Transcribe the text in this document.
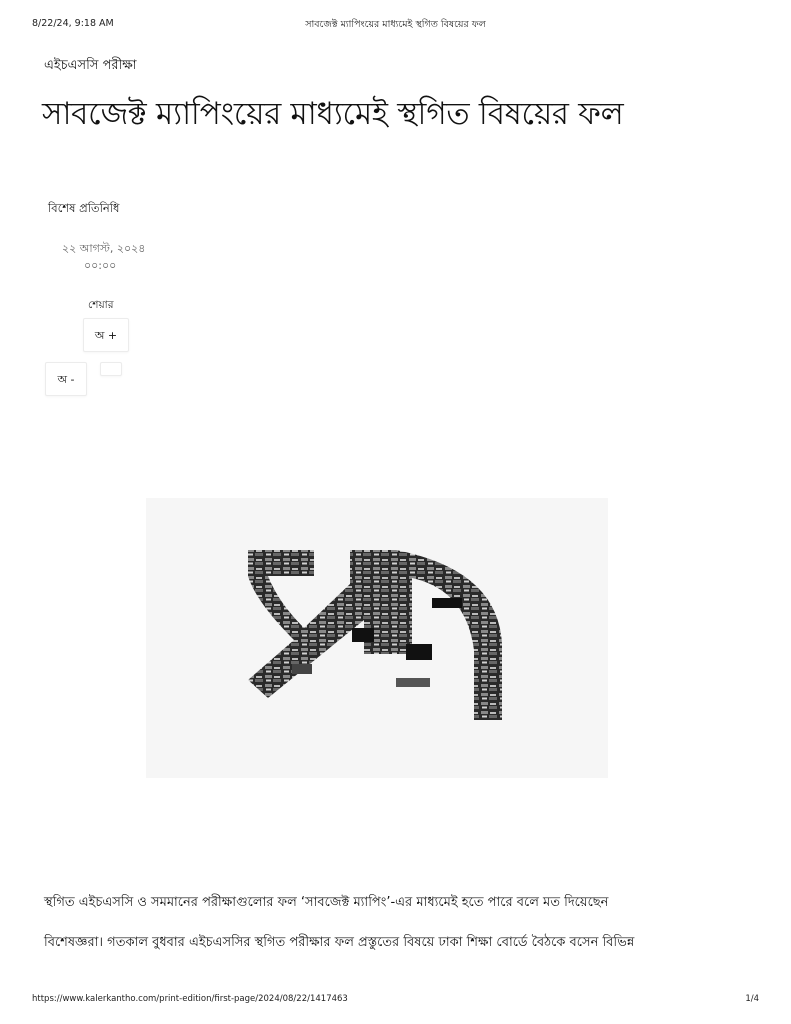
8/22/24, 9:18 AM	সাবজেক্ট ম্যাপিংয়ের মাধ্যমেই স্থগিত বিষয়ের ফল
এইচএসসি পরীক্ষা
সাবজেক্ট ম্যাপিংয়ের মাধ্যমেই স্থগিত বিষয়ের ফল
বিশেষ প্রতিনিধি
২২ আগস্ট, ২০২৪
০০:০০
শেয়ার
অ +
অ -

স্থগিত এইচএসসি ও সমমানের পরীক্ষাগুলোর ফল ‘সাবজেক্ট ম্যাপিং’-এর মাধ্যমেই হতে পারে বলে মত দিয়েছেন

বিশেষজ্ঞরা। গতকাল বুধবার এইচএসসির স্থগিত পরীক্ষার ফল প্রস্তুতের বিষয়ে ঢাকা শিক্ষা বোর্ডে বৈঠকে বসেন বিভিন্ন

https://www.kalerkantho.com/print-edition/first-page/2024/08/22/1417463	1/4
